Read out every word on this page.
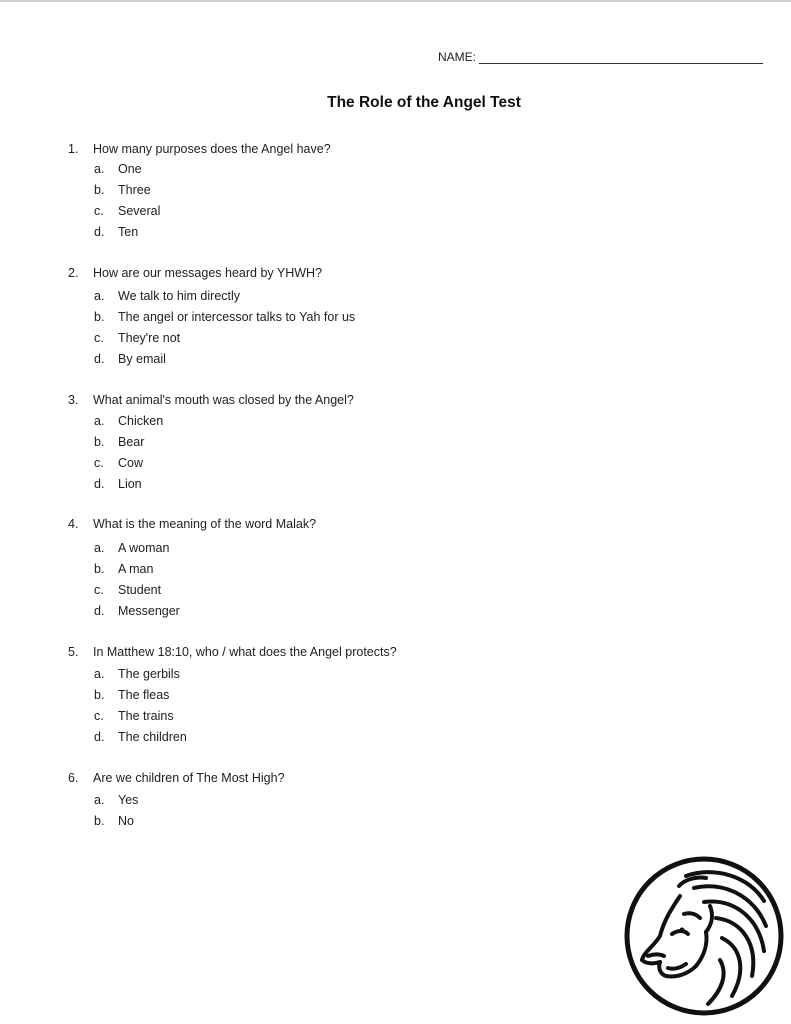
NAME:
The Role of the Angel Test
1. How many purposes does the Angel have?
a. One
b. Three
c. Several
d. Ten
2. How are our messages heard by YHWH?
a. We talk to him directly
b. The angel or intercessor talks to Yah for us
c. They're not
d. By email
3. What animal's mouth was closed by the Angel?
a. Chicken
b. Bear
c. Cow
d. Lion
4. What is the meaning of the word Malak?
a. A woman
b. A man
c. Student
d. Messenger
5. In Matthew 18:10, who / what does the Angel protects?
a. The gerbils
b. The fleas
c. The trains
d. The children
6. Are we children of The Most High?
a. Yes
b. No
